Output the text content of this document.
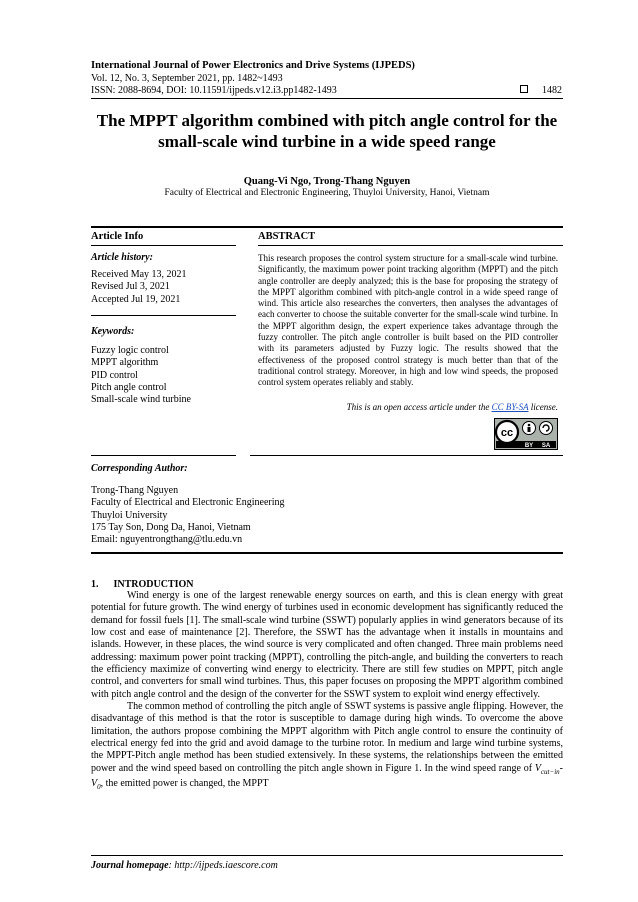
International Journal of Power Electronics and Drive Systems (IJPEDS)
Vol. 12, No. 3, September 2021, pp. 1482~1493
ISSN: 2088-8694, DOI: 10.11591/ijpeds.v12.i3.pp1482-1493	1482
The MPPT algorithm combined with pitch angle control for the small-scale wind turbine in a wide speed range
Quang-Vi Ngo, Trong-Thang Nguyen
Faculty of Electrical and Electronic Engineering, Thuyloi University, Hanoi, Vietnam
Article Info
Article history:
Received May 13, 2021
Revised Jul 3, 2021
Accepted Jul 19, 2021
Keywords:
Fuzzy logic control
MPPT algorithm
PID control
Pitch angle control
Small-scale wind turbine
ABSTRACT
This research proposes the control system structure for a small-scale wind turbine. Significantly, the maximum power point tracking algorithm (MPPT) and the pitch angle controller are deeply analyzed; this is the base for proposing the strategy of the MPPT algorithm combined with pitch-angle control in a wide speed range of wind. This article also researches the converters, then analyses the advantages of each converter to choose the suitable converter for the small-scale wind turbine. In the MPPT algorithm design, the expert experience takes advantage through the fuzzy controller. The pitch angle controller is built based on the PID controller with its parameters adjusted by Fuzzy logic. The results showed that the effectiveness of the proposed control strategy is much better than that of the traditional control strategy. Moreover, in high and low wind speeds, the proposed control system operates reliably and stably.
This is an open access article under the CC BY-SA license.
cc
BY SA
Corresponding Author:
Trong-Thang Nguyen
Faculty of Electrical and Electronic Engineering
Thuyloi University
175 Tay Son, Dong Da, Hanoi, Vietnam
Email: nguyentrongthang@tlu.edu.vn
1.      INTRODUCTION

Wind energy is one of the largest renewable energy sources on earth, and this is clean energy with great potential for future growth. The wind energy of turbines used in economic development has significantly reduced the demand for fossil fuels [1]. The small-scale wind turbine (SSWT) popularly applies in wind generators because of its low cost and ease of maintenance [2]. Therefore, the SSWT has the advantage when it installs in mountains and islands. However, in these places, the wind source is very complicated and often changed. Three main problems need addressing: maximum power point tracking (MPPT), controlling the pitch-angle, and building the converters to reach the efficiency maximize of converting wind energy to electricity. There are still few studies on MPPT, pitch angle control, and converters for small wind turbines. Thus, this paper focuses on proposing the MPPT algorithm combined with pitch angle control and the design of the converter for the SSWT system to exploit wind energy effectively.

The common method of controlling the pitch angle of SSWT systems is passive angle flipping. However, the disadvantage of this method is that the rotor is susceptible to damage during high winds. To overcome the above limitation, the authors propose combining the MPPT algorithm with Pitch angle control to ensure the continuity of electrical energy fed into the grid and avoid damage to the turbine rotor. In medium and large wind turbine systems, the MPPT-Pitch angle method has been studied extensively. In these systems, the relationships between the emitted power and the wind speed based on controlling the pitch angle shown in Figure 1. In the wind speed range of $V_{cut-in}-$ $V_0$, the emitted power is changed, the MPPT

Journal homepage: http://ijpeds.iaescore.com
